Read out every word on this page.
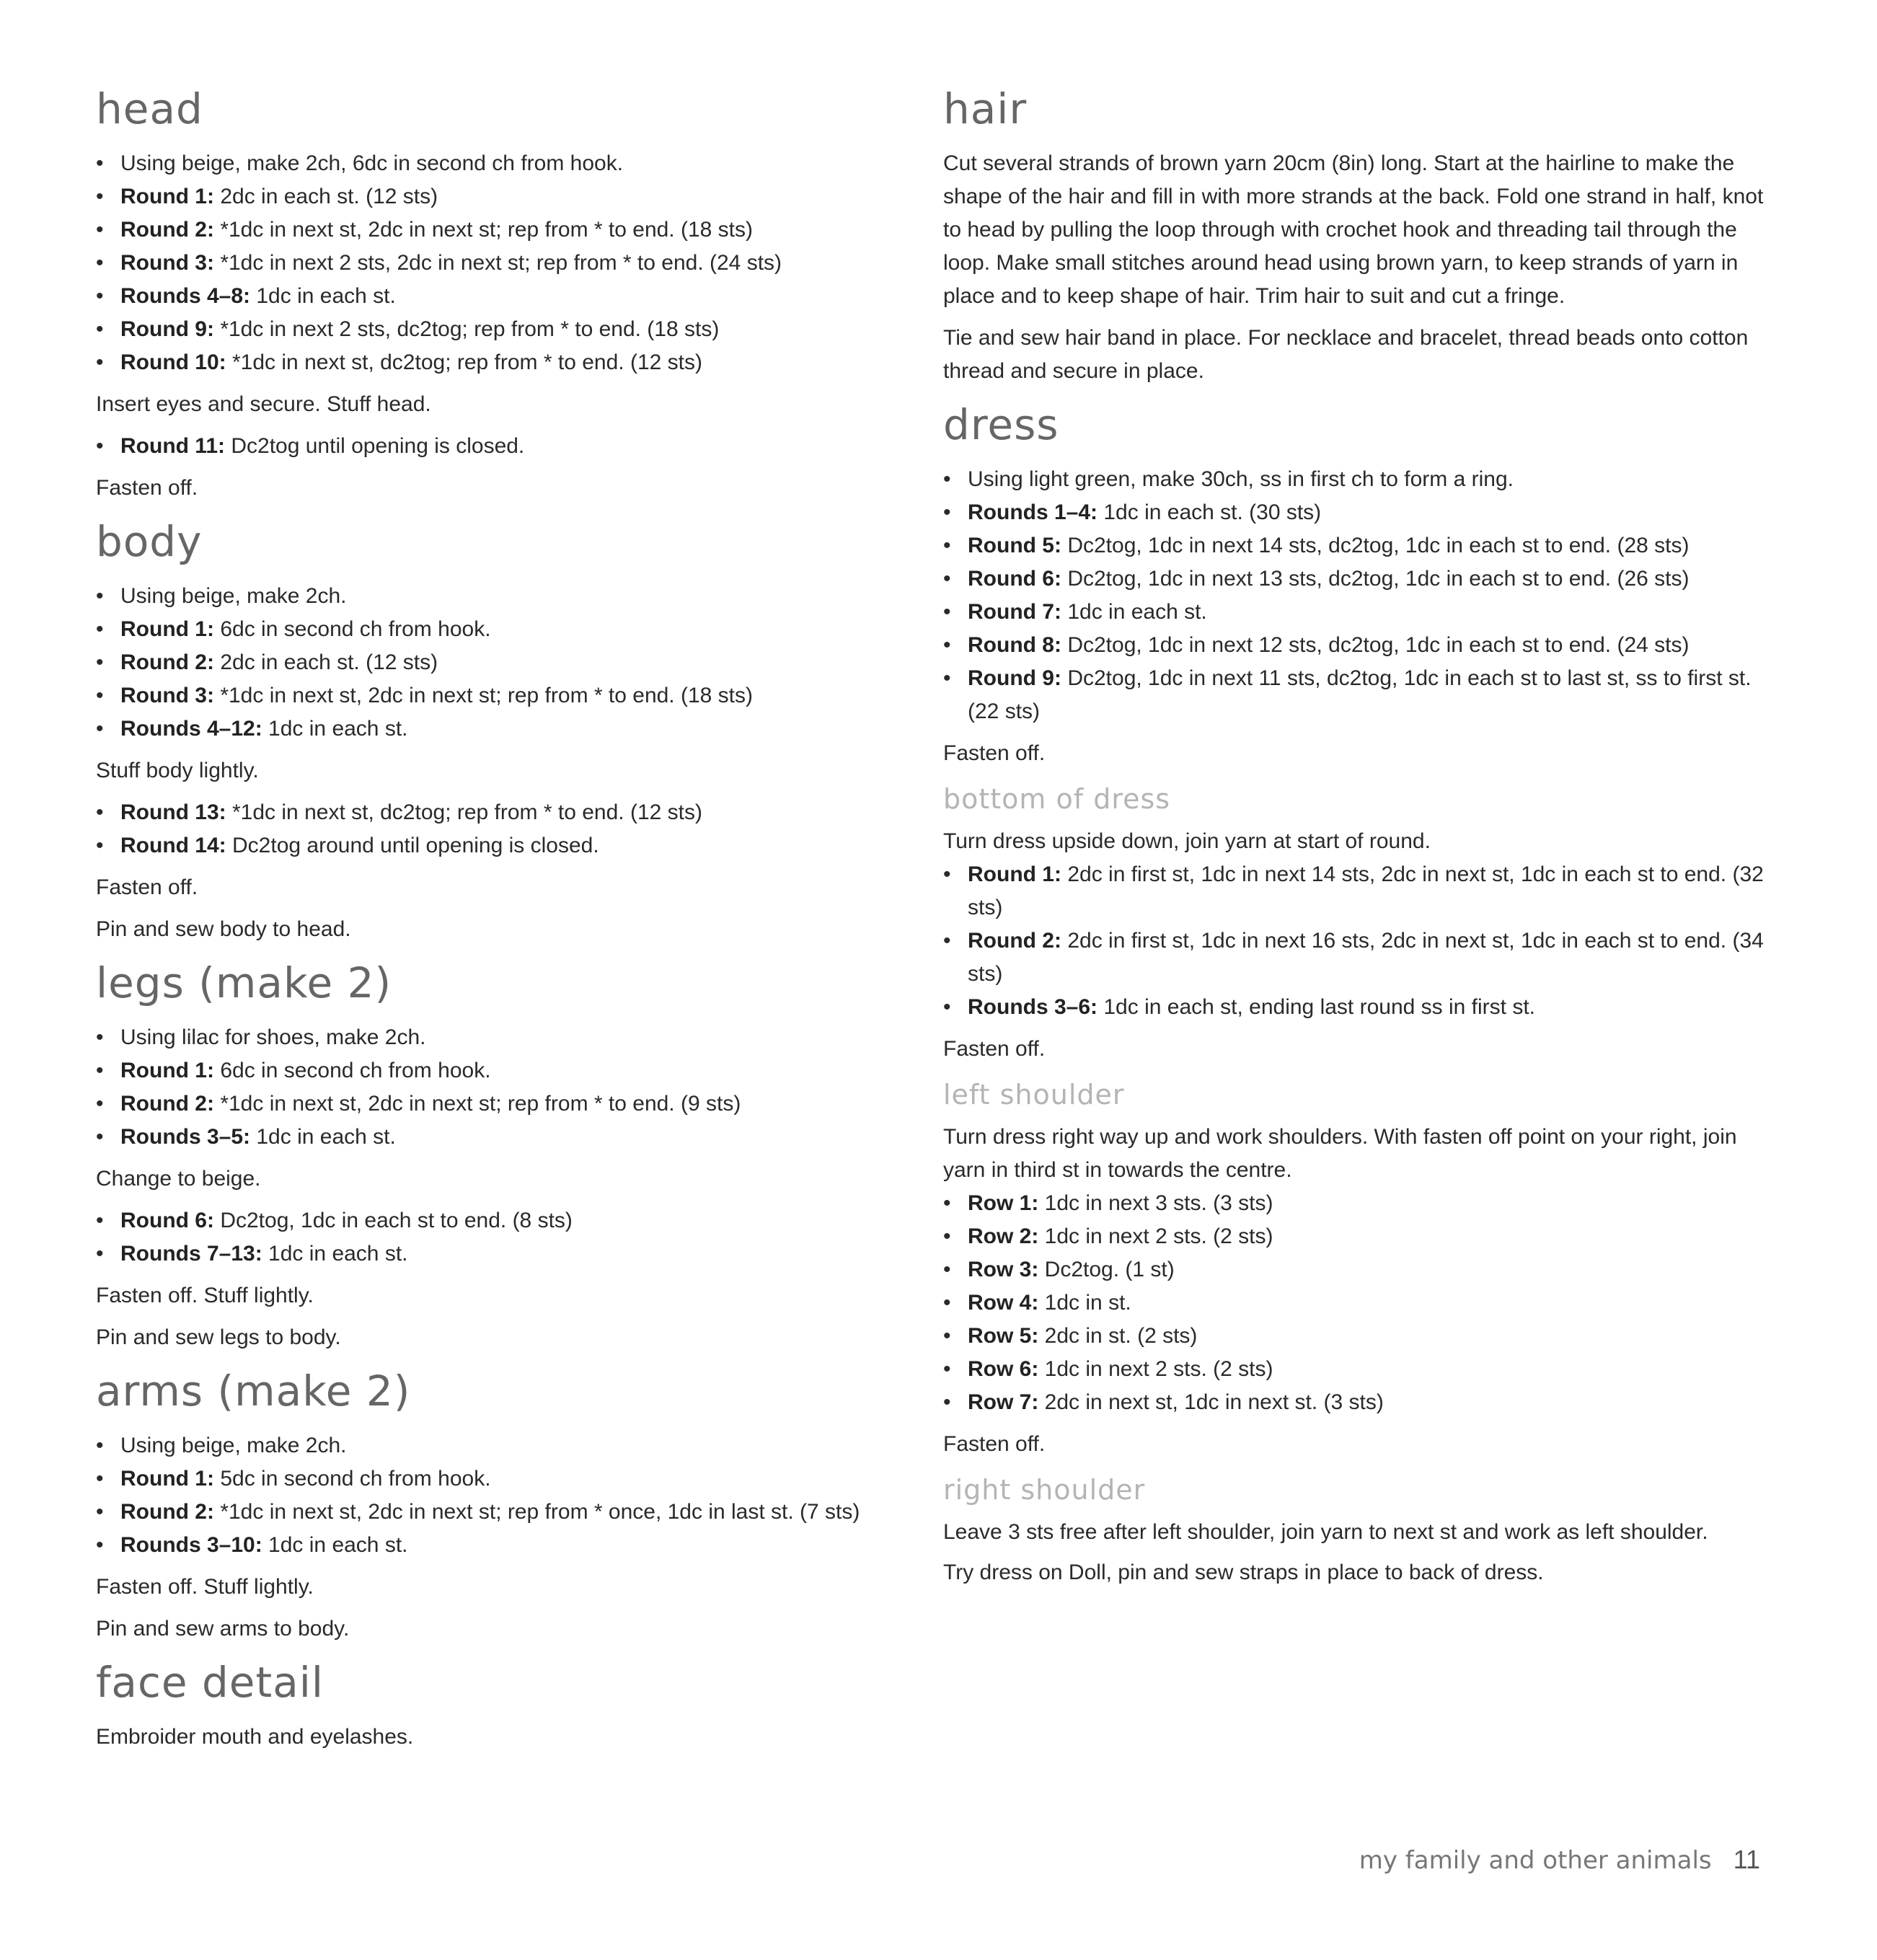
head
• Using beige, make 2ch, 6dc in second ch from hook.
• Round 1: 2dc in each st. (12 sts)
• Round 2: *1dc in next st, 2dc in next st; rep from * to end. (18 sts)
• Round 3: *1dc in next 2 sts, 2dc in next st; rep from * to end. (24 sts)
• Rounds 4–8: 1dc in each st.
• Round 9: *1dc in next 2 sts, dc2tog; rep from * to end. (18 sts)
• Round 10: *1dc in next st, dc2tog; rep from * to end. (12 sts)
Insert eyes and secure. Stuff head.
• Round 11: Dc2tog until opening is closed.
Fasten off.
body
• Using beige, make 2ch.
• Round 1: 6dc in second ch from hook.
• Round 2: 2dc in each st. (12 sts)
• Round 3: *1dc in next st, 2dc in next st; rep from * to end. (18 sts)
• Rounds 4–12: 1dc in each st.
Stuff body lightly.
• Round 13: *1dc in next st, dc2tog; rep from * to end. (12 sts)
• Round 14: Dc2tog around until opening is closed.
Fasten off.
Pin and sew body to head.
legs (make 2)
• Using lilac for shoes, make 2ch.
• Round 1: 6dc in second ch from hook.
• Round 2: *1dc in next st, 2dc in next st; rep from * to end. (9 sts)
• Rounds 3–5: 1dc in each st.
Change to beige.
• Round 6: Dc2tog, 1dc in each st to end. (8 sts)
• Rounds 7–13: 1dc in each st.
Fasten off. Stuff lightly.
Pin and sew legs to body.
arms (make 2)
• Using beige, make 2ch.
• Round 1: 5dc in second ch from hook.
• Round 2: *1dc in next st, 2dc in next st; rep from * once, 1dc in last st. (7 sts)
• Rounds 3–10: 1dc in each st.
Fasten off. Stuff lightly.
Pin and sew arms to body.
face detail
Embroider mouth and eyelashes.
hair
Cut several strands of brown yarn 20cm (8in) long. Start at the hairline to make the shape of the hair and fill in with more strands at the back. Fold one strand in half, knot to head by pulling the loop through with crochet hook and threading tail through the loop. Make small stitches around head using brown yarn, to keep strands of yarn in place and to keep shape of hair. Trim hair to suit and cut a fringe.
Tie and sew hair band in place. For necklace and bracelet, thread beads onto cotton thread and secure in place.
dress
• Using light green, make 30ch, ss in first ch to form a ring.
• Rounds 1–4: 1dc in each st. (30 sts)
• Round 5: Dc2tog, 1dc in next 14 sts, dc2tog, 1dc in each st to end. (28 sts)
• Round 6: Dc2tog, 1dc in next 13 sts, dc2tog, 1dc in each st to end. (26 sts)
• Round 7: 1dc in each st.
• Round 8: Dc2tog, 1dc in next 12 sts, dc2tog, 1dc in each st to end. (24 sts)
• Round 9: Dc2tog, 1dc in next 11 sts, dc2tog, 1dc in each st to last st, ss to first st. (22 sts)
Fasten off.
bottom of dress
Turn dress upside down, join yarn at start of round.
• Round 1: 2dc in first st, 1dc in next 14 sts, 2dc in next st, 1dc in each st to end. (32 sts)
• Round 2: 2dc in first st, 1dc in next 16 sts, 2dc in next st, 1dc in each st to end. (34 sts)
• Rounds 3–6: 1dc in each st, ending last round ss in first st.
Fasten off.
left shoulder
Turn dress right way up and work shoulders. With fasten off point on your right, join yarn in third st in towards the centre.
• Row 1: 1dc in next 3 sts. (3 sts)
• Row 2: 1dc in next 2 sts. (2 sts)
• Row 3: Dc2tog. (1 st)
• Row 4: 1dc in st.
• Row 5: 2dc in st. (2 sts)
• Row 6: 1dc in next 2 sts. (2 sts)
• Row 7: 2dc in next st, 1dc in next st. (3 sts)
Fasten off.
right shoulder
Leave 3 sts free after left shoulder, join yarn to next st and work as left shoulder.
Try dress on Doll, pin and sew straps in place to back of dress.
my family and other animals 11
